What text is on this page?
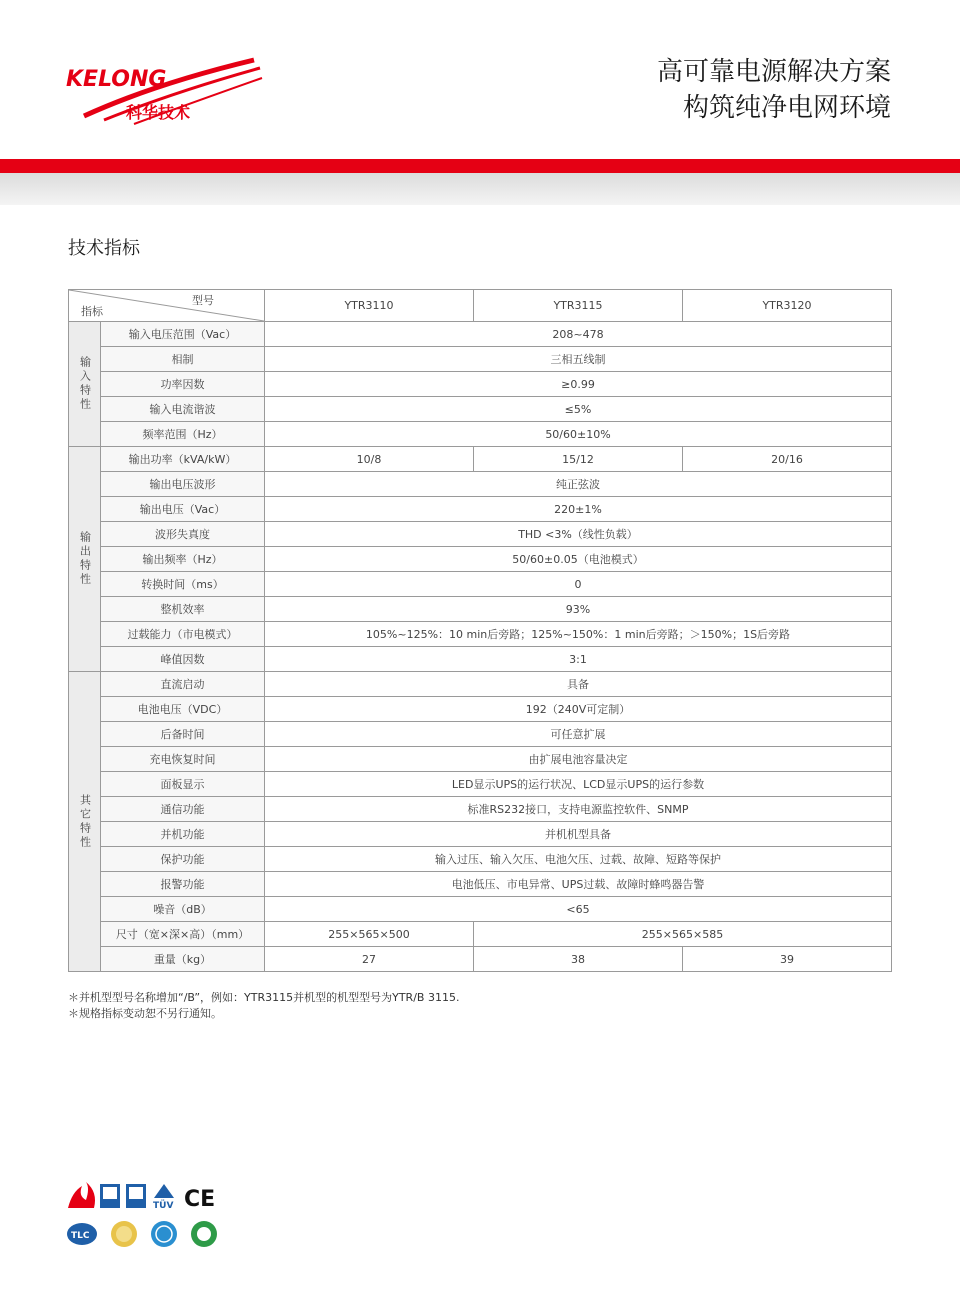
KELONG
科华技术
高可靠电源解决方案
构筑纯净电网环境
技术指标
型号
指标		YTR3110	YTR3115	YTR3120
输入特性	输入电压范围（Vac）	208~478		
	相制	三相五线制		
	功率因数	≥0.99		
	输入电流谐波	≤5%		
	频率范围（Hz）	50/60±10%		
输出特性	输出功率（kVA/kW）	10/8	15/12	20/16
	输出电压波形	纯正弦波		
	输出电压（Vac）	220±1%		
	波形失真度	THD <3%（线性负载）		
	输出频率（Hz）	50/60±0.05（电池模式）		
	转换时间（ms）	0		
	整机效率	93%		
	过载能力（市电模式）	105%~125%：10 min后旁路；125%~150%：1 min后旁路；＞150%；1S后旁路		
	峰值因数	3:1		
其它特性	直流启动	具备		
	电池电压（VDC）	192（240V可定制）		
	后备时间	可任意扩展		
	充电恢复时间	由扩展电池容量决定		
	面板显示	LED显示UPS的运行状况、LCD显示UPS的运行参数		
	通信功能	标准RS232接口，支持电源监控软件、SNMP		
	并机功能	并机机型具备		
	保护功能	输入过压、输入欠压、电池欠压、过载、故障、短路等保护		
	报警功能	电池低压、市电异常、UPS过载、故障时蜂鸣器告警		
	噪音（dB）	<65		
	尺寸（宽×深×高）（mm）	255×565×500	255×565×585	
	重量（kg）	27	38	39
＊并机型型号名称增加“/B”，例如：YTR3115并机型的机型型号为YTR/B 3115.
＊规格指标变动恕不另行通知。
TÜV CE
TLC
